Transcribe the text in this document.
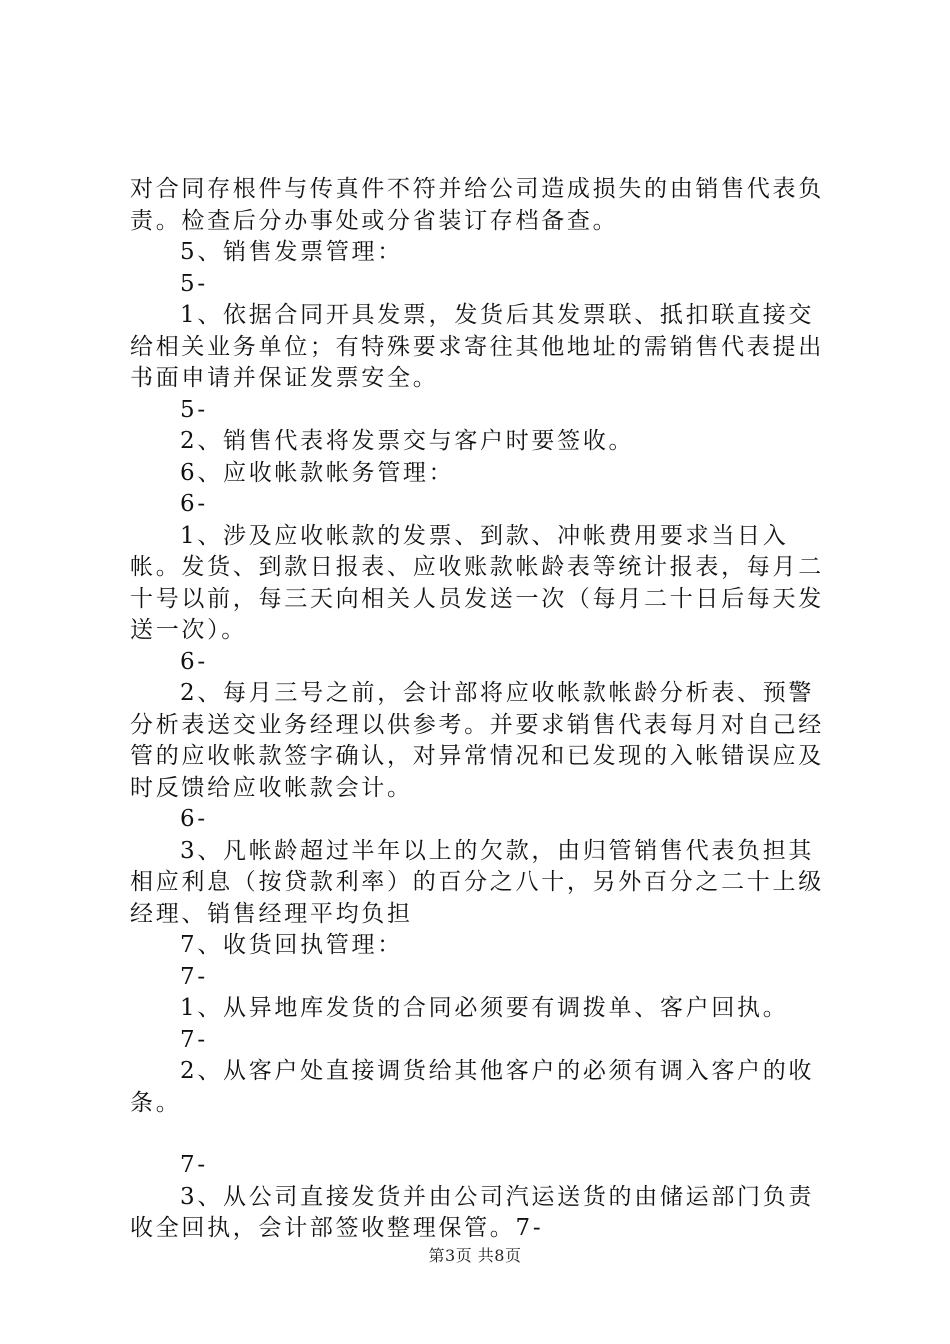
对合同存根件与传真件不符并给公司造成损失的由销售代表负责。检查后分办事处或分省装订存档备查。

5、销售发票管理：

5-

1、依据合同开具发票，发货后其发票联、抵扣联直接交给相关业务单位；有特殊要求寄往其他地址的需销售代表提出书面申请并保证发票安全。

5-

2、销售代表将发票交与客户时要签收。

6、应收帐款帐务管理：

6-

1、涉及应收帐款的发票、到款、冲帐费用要求当日入帐。发货、到款日报表、应收账款帐龄表等统计报表，每月二十号以前，每三天向相关人员发送一次（每月二十日后每天发送一次）。

6-

2、每月三号之前，会计部将应收帐款帐龄分析表、预警分析表送交业务经理以供参考。并要求销售代表每月对自己经管的应收帐款签字确认，对异常情况和已发现的入帐错误应及时反馈给应收帐款会计。

6-

3、凡帐龄超过半年以上的欠款，由归管销售代表负担其相应利息（按贷款利率）的百分之八十，另外百分之二十上级经理、销售经理平均负担

7、收货回执管理：

7-

1、从异地库发货的合同必须要有调拨单、客户回执。

7-

2、从客户处直接调货给其他客户的必须有调入客户的收条。

7-

3、从公司直接发货并由公司汽运送货的由储运部门负责收全回执，会计部签收整理保管。7-

第3页 共8页
